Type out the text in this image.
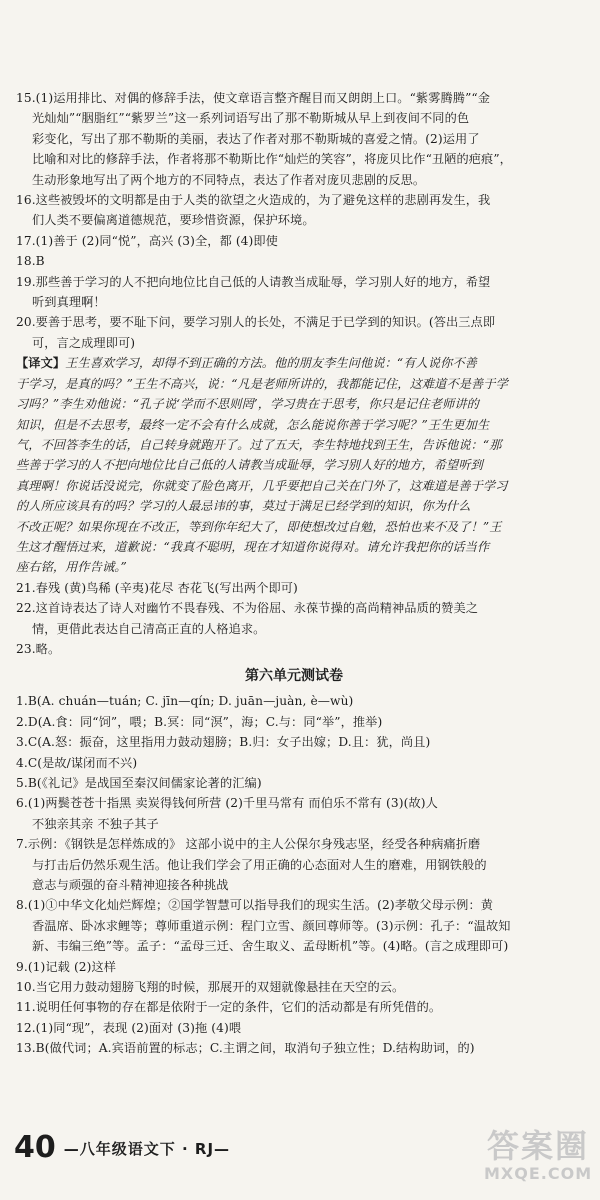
15.(1)运用排比、对偶的修辞手法，使文章语言整齐醒目而又朗朗上口。“紫雾腾腾”“金
光灿灿”“胭脂红”“紫罗兰”这一系列词语写出了那不勒斯城从早上到夜间不同的色
彩变化，写出了那不勒斯的美丽，表达了作者对那不勒斯城的喜爱之情。(2)运用了
比喻和对比的修辞手法，作者将那不勒斯比作“灿烂的笑容”，将庞贝比作“丑陋的疤痕”，
生动形象地写出了两个地方的不同特点，表达了作者对庞贝悲剧的反思。
16.这些被毁坏的文明都是由于人类的欲望之火造成的，为了避免这样的悲剧再发生，我
们人类不要偏离道德规范，要珍惜资源，保护环境。
17.(1)善于 (2)同“悦”，高兴 (3)全，都 (4)即使
18.B
19.那些善于学习的人不把向地位比自己低的人请教当成耻辱，学习别人好的地方，希望
听到真理啊！
20.要善于思考，要不耻下问，要学习别人的长处，不满足于已学到的知识。(答出三点即
可，言之成理即可)
【译文】王生喜欢学习，却得不到正确的方法。他的朋友李生问他说：“有人说你不善
于学习，是真的吗？”王生不高兴，说：“凡是老师所讲的，我都能记住，这难道不是善于学
习吗？”李生劝他说：“孔子说‘学而不思则罔’，学习贵在于思考，你只是记住老师讲的
知识，但是不去思考，最终一定不会有什么成就，怎么能说你善于学习呢？”王生更加生
气，不回答李生的话，自己转身就跑开了。过了五天，李生特地找到王生，告诉他说：“那
些善于学习的人不把向地位比自己低的人请教当成耻辱，学习别人好的地方，希望听到
真理啊！你说话没说完，你就变了脸色离开，几乎要把自己关在门外了，这难道是善于学习
的人所应该具有的吗？学习的人最忌讳的事，莫过于满足已经学到的知识，你为什么
不改正呢？如果你现在不改正，等到你年纪大了，即使想改过自勉，恐怕也来不及了！”王
生这才醒悟过来，道歉说：“我真不聪明，现在才知道你说得对。请允许我把你的话当作
座右铭，用作告诫。”
21.春残 (黄)鸟稀 (辛夷)花尽 杏花飞(写出两个即可)
22.这首诗表达了诗人对幽竹不畏春残、不为俗屈、永葆节操的高尚精神品质的赞美之
情，更借此表达自己清高正直的人格追求。
23.略。
第六单元测试卷
1.B(A. chuán—tuán; C. jīn—qín; D. juān—juàn, è—wù)
2.D(A.食：同“饲”，喂；B.冥：同“溟”，海；C.与：同“举”，推举)
3.C(A.怒：振奋，这里指用力鼓动翅膀；B.归：女子出嫁；D.且：犹，尚且)
4.C(是故/谋闭而不兴)
5.B(《礼记》是战国至秦汉间儒家论著的汇编)
6.(1)两鬓苍苍十指黑 卖炭得钱何所营 (2)千里马常有 而伯乐不常有 (3)(故)人
不独亲其亲 不独子其子
7.示例：《钢铁是怎样炼成的》 这部小说中的主人公保尔身残志坚，经受各种病痛折磨
与打击后仍然乐观生活。他让我们学会了用正确的心态面对人生的磨难，用钢铁般的
意志与顽强的奋斗精神迎接各种挑战
8.(1)①中华文化灿烂辉煌；②国学智慧可以指导我们的现实生活。(2)孝敬父母示例：黄
香温席、卧冰求鲤等；尊师重道示例：程门立雪、颜回尊师等。(3)示例：孔子：“温故知
新、韦编三绝”等。孟子：“孟母三迁、舍生取义、孟母断机”等。(4)略。(言之成理即可)
9.(1)记载 (2)这样
10.当它用力鼓动翅膀飞翔的时候，那展开的双翅就像悬挂在天空的云。
11.说明任何事物的存在都是依附于一定的条件，它们的活动都是有所凭借的。
12.(1)同“现”，表现 (2)面对 (3)拖 (4)喂
13.B(做代词；A.宾语前置的标志；C.主谓之间，取消句子独立性；D.结构助词，的)
40 —八年级语文下 · RJ—	答案圈
MXQE.COM
